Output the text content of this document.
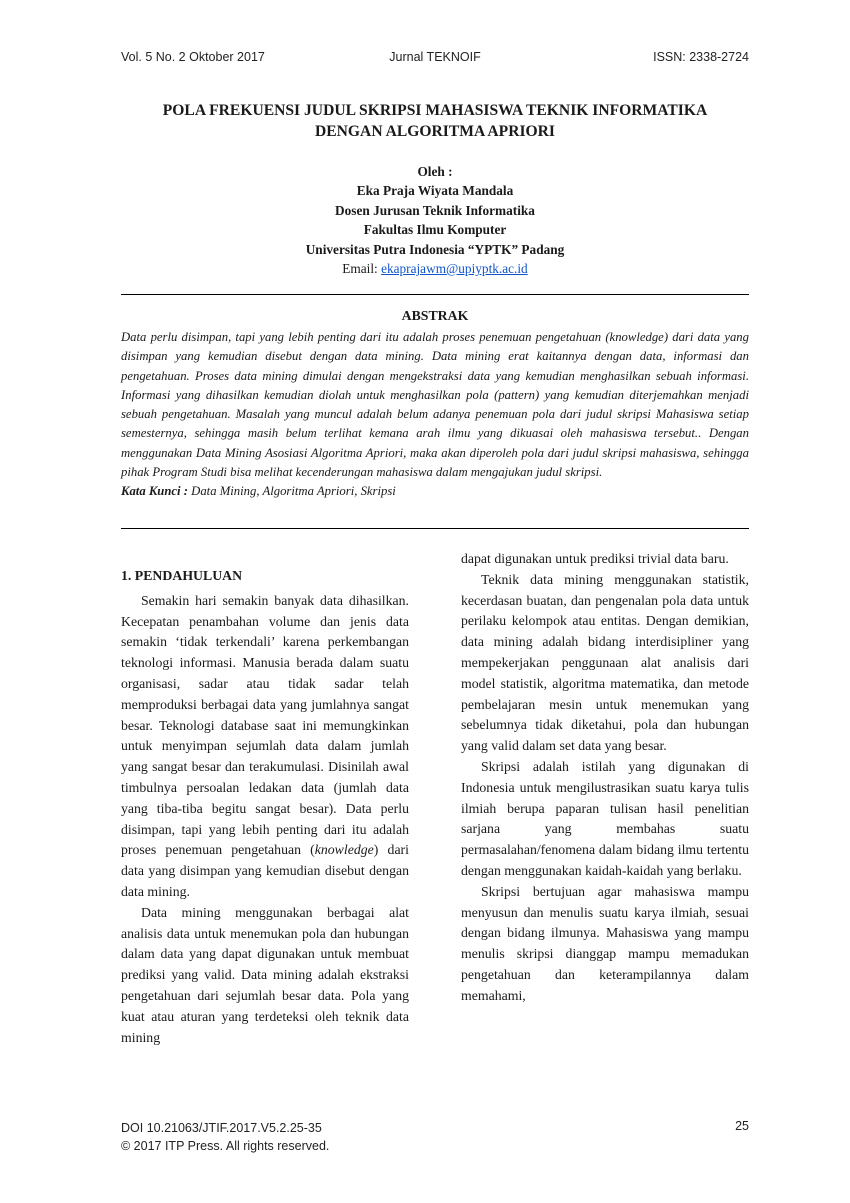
Vol. 5 No. 2 Oktober 2017	Jurnal TEKNOIF	ISSN: 2338-2724
POLA FREKUENSI JUDUL SKRIPSI MAHASISWA TEKNIK INFORMATIKA
DENGAN ALGORITMA APRIORI
Oleh :
Eka Praja Wiyata Mandala
Dosen Jurusan Teknik Informatika
Fakultas Ilmu Komputer
Universitas Putra Indonesia “YPTK” Padang
Email: ekaprajawm@upiyptk.ac.id
ABSTRAK
Data perlu disimpan, tapi yang lebih penting dari itu adalah proses penemuan pengetahuan (knowledge) dari data yang disimpan yang kemudian disebut dengan data mining. Data mining erat kaitannya dengan data, informasi dan pengetahuan. Proses data mining dimulai dengan mengekstraksi data yang kemudian menghasilkan sebuah informasi. Informasi yang dihasilkan kemudian diolah untuk menghasilkan pola (pattern) yang kemudian diterjemahkan menjadi sebuah pengetahuan. Masalah yang muncul adalah belum adanya penemuan pola dari judul skripsi Mahasiswa setiap semesternya, sehingga masih belum terlihat kemana arah ilmu yang dikuasai oleh mahasiswa tersebut.. Dengan menggunakan Data Mining Asosiasi Algoritma Apriori, maka akan diperoleh pola dari judul skripsi mahasiswa, sehingga pihak Program Studi bisa melihat kecenderungan mahasiswa dalam mengajukan judul skripsi.
Kata Kunci : Data Mining, Algoritma Apriori, Skripsi
1. PENDAHULUAN

Semakin hari semakin banyak data dihasilkan. Kecepatan penambahan volume dan jenis data semakin ‘tidak terkendali’ karena perkembangan teknologi informasi. Manusia berada dalam suatu organisasi, sadar atau tidak sadar telah memproduksi berbagai data yang jumlahnya sangat besar. Teknologi database saat ini memungkinkan untuk menyimpan sejumlah data dalam jumlah yang sangat besar dan terakumulasi. Disinilah awal timbulnya persoalan ledakan data (jumlah data yang tiba-tiba begitu sangat besar). Data perlu disimpan, tapi yang lebih penting dari itu adalah proses penemuan pengetahuan (knowledge) dari data yang disimpan yang kemudian disebut dengan data mining.

Data mining menggunakan berbagai alat analisis data untuk menemukan pola dan hubungan dalam data yang dapat digunakan untuk membuat prediksi yang valid. Data mining adalah ekstraksi pengetahuan dari sejumlah besar data. Pola yang kuat atau aturan yang terdeteksi oleh teknik data mining

dapat digunakan untuk prediksi trivial data baru.

Teknik data mining menggunakan statistik, kecerdasan buatan, dan pengenalan pola data untuk perilaku kelompok atau entitas. Dengan demikian, data mining adalah bidang interdisipliner yang mempekerjakan penggunaan alat analisis dari model statistik, algoritma matematika, dan metode pembelajaran mesin untuk menemukan yang sebelumnya tidak diketahui, pola dan hubungan yang valid dalam set data yang besar.

Skripsi adalah istilah yang digunakan di Indonesia untuk mengilustrasikan suatu karya tulis ilmiah berupa paparan tulisan hasil penelitian sarjana yang membahas suatu permasalahan/fenomena dalam bidang ilmu tertentu dengan menggunakan kaidah-kaidah yang berlaku.

Skripsi bertujuan agar mahasiswa mampu menyusun dan menulis suatu karya ilmiah, sesuai dengan bidang ilmunya. Mahasiswa yang mampu menulis skripsi dianggap mampu memadukan pengetahuan dan keterampilannya dalam memahami,

DOI 10.21063/JTIF.2017.V5.2.25-35
© 2017 ITP Press. All rights reserved.
25
